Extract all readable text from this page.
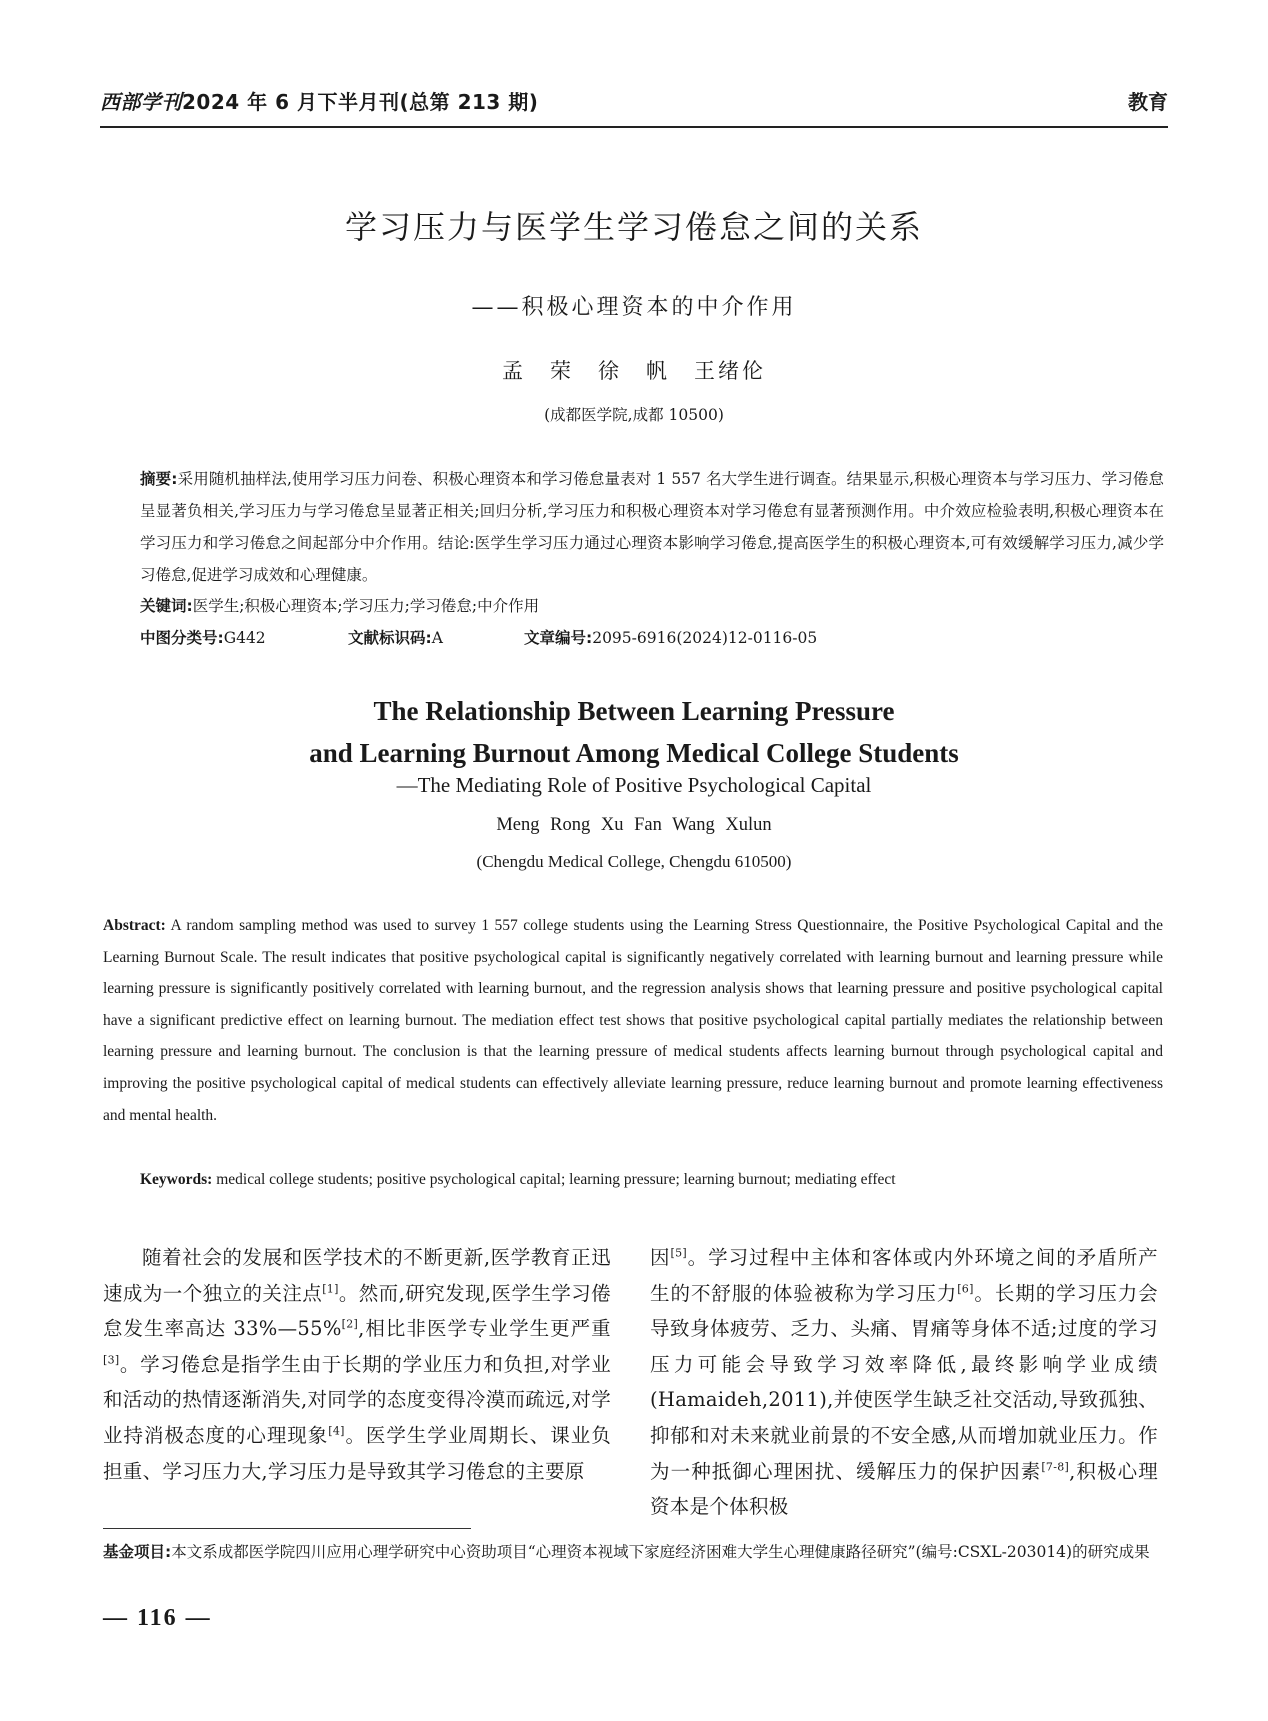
西部学刊2024 年 6 月下半月刊(总第 213 期)	教育
学习压力与医学生学习倦怠之间的关系
——积极心理资本的中介作用
孟　荣　徐　帆　王绪伦
(成都医学院,成都 10500)
摘要:采用随机抽样法,使用学习压力问卷、积极心理资本和学习倦怠量表对 1 557 名大学生进行调查。结果显示,积极心理资本与学习压力、学习倦怠呈显著负相关,学习压力与学习倦怠呈显著正相关;回归分析,学习压力和积极心理资本对学习倦怠有显著预测作用。中介效应检验表明,积极心理资本在学习压力和学习倦怠之间起部分中介作用。结论:医学生学习压力通过心理资本影响学习倦怠,提高医学生的积极心理资本,可有效缓解学习压力,减少学习倦怠,促进学习成效和心理健康。
关键词:医学生;积极心理资本;学习压力;学习倦怠;中介作用
中图分类号:G442	文献标识码:A	文章编号:2095-6916(2024)12-0116-05
The Relationship Between Learning Pressure
and Learning Burnout Among Medical College Students
—The Mediating Role of Positive Psychological Capital
Meng Rong Xu Fan Wang Xulun
(Chengdu Medical College, Chengdu 610500)
Abstract: A random sampling method was used to survey 1 557 college students using the Learning Stress Questionnaire, the Positive Psychological Capital and the Learning Burnout Scale. The result indicates that positive psychological capital is significantly negatively correlated with learning burnout and learning pressure while learning pressure is significantly positively correlated with learning burnout, and the regression analysis shows that learning pressure and positive psychological capital have a significant predictive effect on learning burnout. The mediation effect test shows that positive psychological capital partially mediates the relationship between learning pressure and learning burnout. The conclusion is that the learning pressure of medical students affects learning burnout through psychological capital and improving the positive psychological capital of medical students can effectively alleviate learning pressure, reduce learning burnout and promote learning effectiveness and mental health.
Keywords: medical college students; positive psychological capital; learning pressure; learning burnout; mediating effect

随着社会的发展和医学技术的不断更新,医学教育正迅速成为一个独立的关注点[1]。然而,研究发现,医学生学习倦怠发生率高达 33%—55%[2],相比非医学专业学生更严重[3]。学习倦怠是指学生由于长期的学业压力和负担,对学业和活动的热情逐渐消失,对同学的态度变得冷漠而疏远,对学业持消极态度的心理现象[4]。医学生学业周期长、课业负担重、学习压力大,学习压力是导致其学习倦怠的主要原

因[5]。学习过程中主体和客体或内外环境之间的矛盾所产生的不舒服的体验被称为学习压力[6]。长期的学习压力会导致身体疲劳、乏力、头痛、胃痛等身体不适;过度的学习压力可能会导致学习效率降低,最终影响学业成绩(Hamaideh,2011),并使医学生缺乏社交活动,导致孤独、抑郁和对未来就业前景的不安全感,从而增加就业压力。作为一种抵御心理困扰、缓解压力的保护因素[7-8],积极心理资本是个体积极

基金项目:本文系成都医学院四川应用心理学研究中心资助项目“心理资本视域下家庭经济困难大学生心理健康路径研究”(编号:CSXL-203014)的研究成果
— 116 —
